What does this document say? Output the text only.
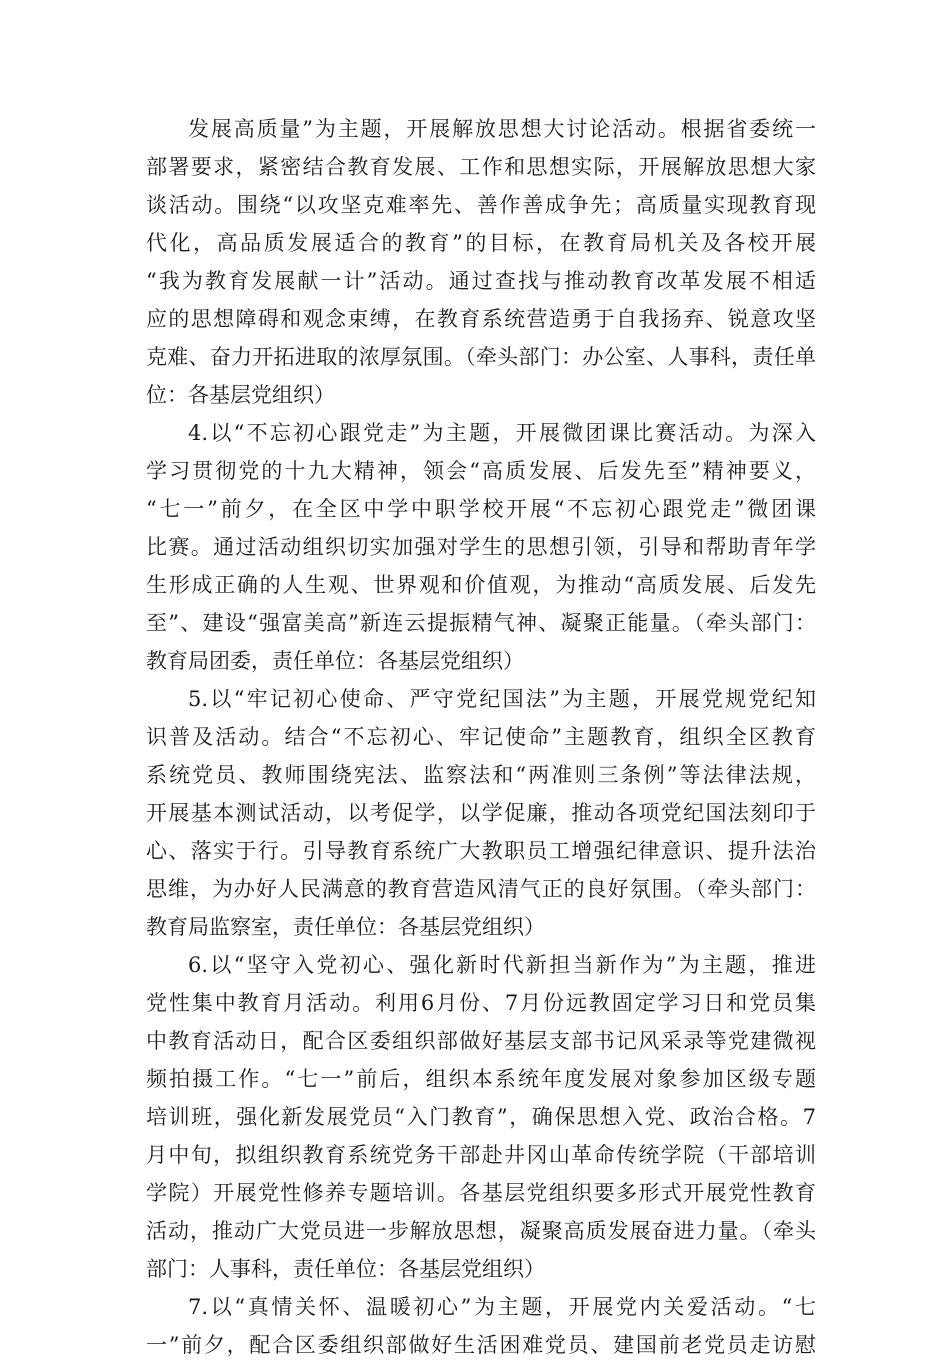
发展高质量”为主题，开展解放思想大讨论活动。根据省委统一
部署要求，紧密结合教育发展、工作和思想实际，开展解放思想大家
谈活动。围绕“以攻坚克难率先、善作善成争先；高质量实现教育现
代化，高品质发展适合的教育”的目标，在教育局机关及各校开展
“我为教育发展献一计”活动。通过查找与推动教育改革发展不相适
应的思想障碍和观念束缚，在教育系统营造勇于自我扬弃、锐意攻坚
克难、奋力开拓进取的浓厚氛围。（牵头部门：办公室、人事科，责任单
位：各基层党组织）
4.以“不忘初心跟党走”为主题，开展微团课比赛活动。为深入
学习贯彻党的十九大精神，领会“高质发展、后发先至”精神要义，
“七一”前夕，在全区中学中职学校开展“不忘初心跟党走”微团课
比赛。通过活动组织切实加强对学生的思想引领，引导和帮助青年学
生形成正确的人生观、世界观和价值观，为推动“高质发展、后发先
至”、建设“强富美高”新连云提振精气神、凝聚正能量。（牵头部门：
教育局团委，责任单位：各基层党组织）
5.以“牢记初心使命、严守党纪国法”为主题，开展党规党纪知
识普及活动。结合“不忘初心、牢记使命”主题教育，组织全区教育
系统党员、教师围绕宪法、监察法和“两准则三条例”等法律法规，
开展基本测试活动，以考促学，以学促廉，推动各项党纪国法刻印于
心、落实于行。引导教育系统广大教职员工增强纪律意识、提升法治
思维，为办好人民满意的教育营造风清气正的良好氛围。（牵头部门：
教育局监察室，责任单位：各基层党组织）
6.以“坚守入党初心、强化新时代新担当新作为”为主题，推进
党性集中教育月活动。利用6月份、7月份远教固定学习日和党员集
中教育活动日，配合区委组织部做好基层支部书记风采录等党建微视
频拍摄工作。“七一”前后，组织本系统年度发展对象参加区级专题
培训班，强化新发展党员“入门教育”，确保思想入党、政治合格。7
月中旬，拟组织教育系统党务干部赴井冈山革命传统学院（干部培训
学院）开展党性修养专题培训。各基层党组织要多形式开展党性教育
活动，推动广大党员进一步解放思想，凝聚高质发展奋进力量。（牵头
部门：人事科，责任单位：各基层党组织）
7.以“真情关怀、温暖初心”为主题，开展党内关爱活动。“七
一”前夕，配合区委组织部做好生活困难党员、建国前老党员走访慰
